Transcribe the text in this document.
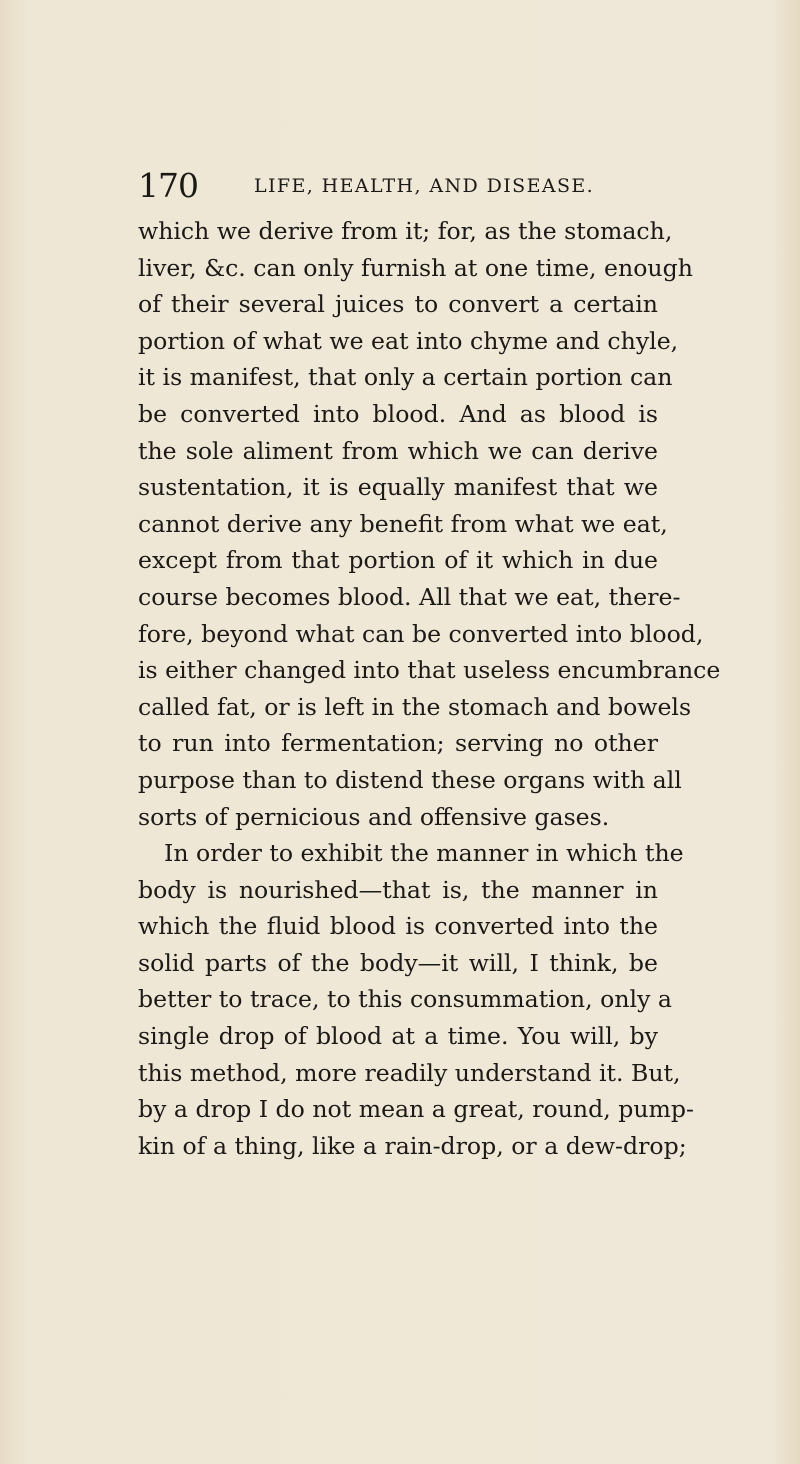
170	LIFE, HEALTH, AND DISEASE.
which we derive from it; for, as the stomach,
liver, &c. can only furnish at one time, enough
of their several juices to convert a certain
portion of what we eat into chyme and chyle,
it is manifest, that only a certain portion can
be converted into blood. And as blood is
the sole aliment from which we can derive
sustentation, it is equally manifest that we
cannot derive any benefit from what we eat,
except from that portion of it which in due
course becomes blood. All that we eat, there-
fore, beyond what can be converted into blood,
is either changed into that useless encumbrance
called fat, or is left in the stomach and bowels
to run into fermentation; serving no other
purpose than to distend these organs with all
sorts of pernicious and offensive gases.
In order to exhibit the manner in which the
body is nourished—that is, the manner in
which the fluid blood is converted into the
solid parts of the body—it will, I think, be
better to trace, to this consummation, only a
single drop of blood at a time. You will, by
this method, more readily understand it. But,
by a drop I do not mean a great, round, pump-
kin of a thing, like a rain-drop, or a dew-drop;
